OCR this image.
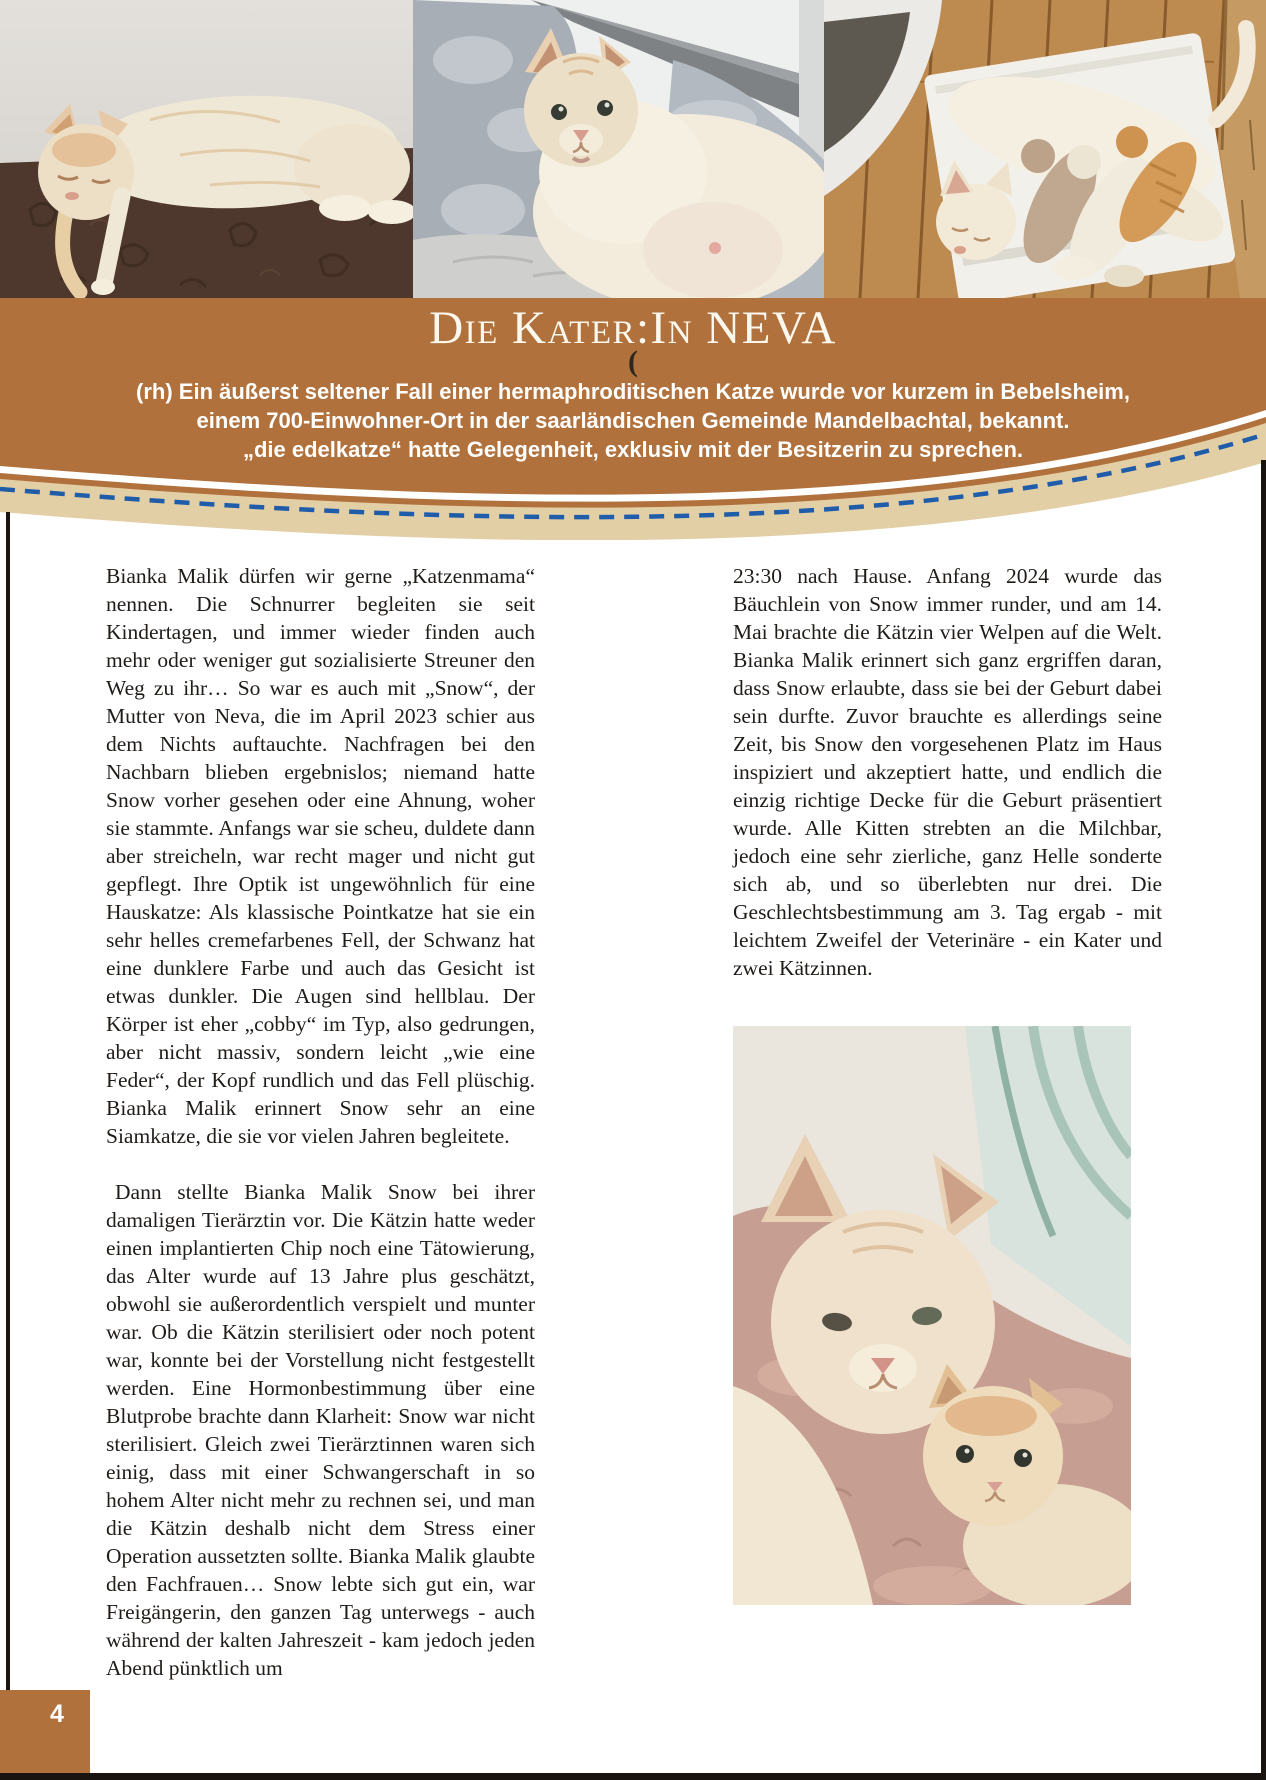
Die Kater:In NEVA
(
(rh) Ein äußerst seltener Fall einer hermaphroditischen Katze wurde vor kurzem in Bebelsheim,
einem 700-Einwohner-Ort in der saarländischen Gemeinde Mandelbachtal, bekannt.
„die edelkatze“ hatte Gelegenheit, exklusiv mit der Besitzerin zu sprechen.

Bianka Malik dürfen wir gerne „Katzenmama“ nennen. Die Schnurrer begleiten sie seit Kindertagen, und immer wieder finden auch mehr oder weniger gut sozialisierte Streuner den Weg zu ihr… So war es auch mit „Snow“, der Mutter von Neva, die im April 2023 schier aus dem Nichts auftauchte. Nachfragen bei den Nachbarn blieben ergebnislos; niemand hatte Snow vorher gesehen oder eine Ahnung, woher sie stammte. Anfangs war sie scheu, duldete dann aber streicheln, war recht mager und nicht gut gepflegt. Ihre Optik ist ungewöhnlich für eine Hauskatze: Als klassische Pointkatze hat sie ein sehr helles cremefarbenes Fell, der Schwanz hat eine dunklere Farbe und auch das Gesicht ist etwas dunkler. Die Augen sind hellblau. Der Körper ist eher „cobby“ im Typ, also gedrungen, aber nicht massiv, sondern leicht „wie eine Feder“, der Kopf rundlich und das Fell plüschig. Bianka Malik erinnert Snow sehr an eine Siamkatze, die sie vor vielen Jahren begleitete.

Dann stellte Bianka Malik Snow bei ihrer damaligen Tierärztin vor. Die Kätzin hatte weder einen implantierten Chip noch eine Tätowierung, das Alter wurde auf 13 Jahre plus geschätzt, obwohl sie außerordentlich verspielt und munter war. Ob die Kätzin sterilisiert oder noch potent war, konnte bei der Vorstellung nicht festgestellt werden. Eine Hormonbestimmung über eine Blutprobe brachte dann Klarheit: Snow war nicht sterilisiert. Gleich zwei Tierärztinnen waren sich einig, dass mit einer Schwangerschaft in so hohem Alter nicht mehr zu rechnen sei, und man die Kätzin deshalb nicht dem Stress einer Operation aussetzten sollte. Bianka Malik glaubte den Fachfrauen… Snow lebte sich gut ein, war Freigängerin, den ganzen Tag unterwegs - auch während der kalten Jahreszeit - kam jedoch jeden Abend pünktlich um

23:30 nach Hause. Anfang 2024 wurde das Bäuchlein von Snow immer runder, und am 14. Mai brachte die Kätzin vier Welpen auf die Welt. Bianka Malik erinnert sich ganz ergriffen daran, dass Snow erlaubte, dass sie bei der Geburt dabei sein durfte. Zuvor brauchte es allerdings seine Zeit, bis Snow den vorgesehenen Platz im Haus inspiziert und akzeptiert hatte, und endlich die einzig richtige Decke für die Geburt präsentiert wurde. Alle Kitten strebten an die Milchbar, jedoch eine sehr zierliche, ganz Helle sonderte sich ab, und so überlebten nur drei. Die Geschlechtsbestimmung am 3. Tag ergab - mit leichtem Zweifel der Veterinäre - ein Kater und zwei Kätzinnen.

4
